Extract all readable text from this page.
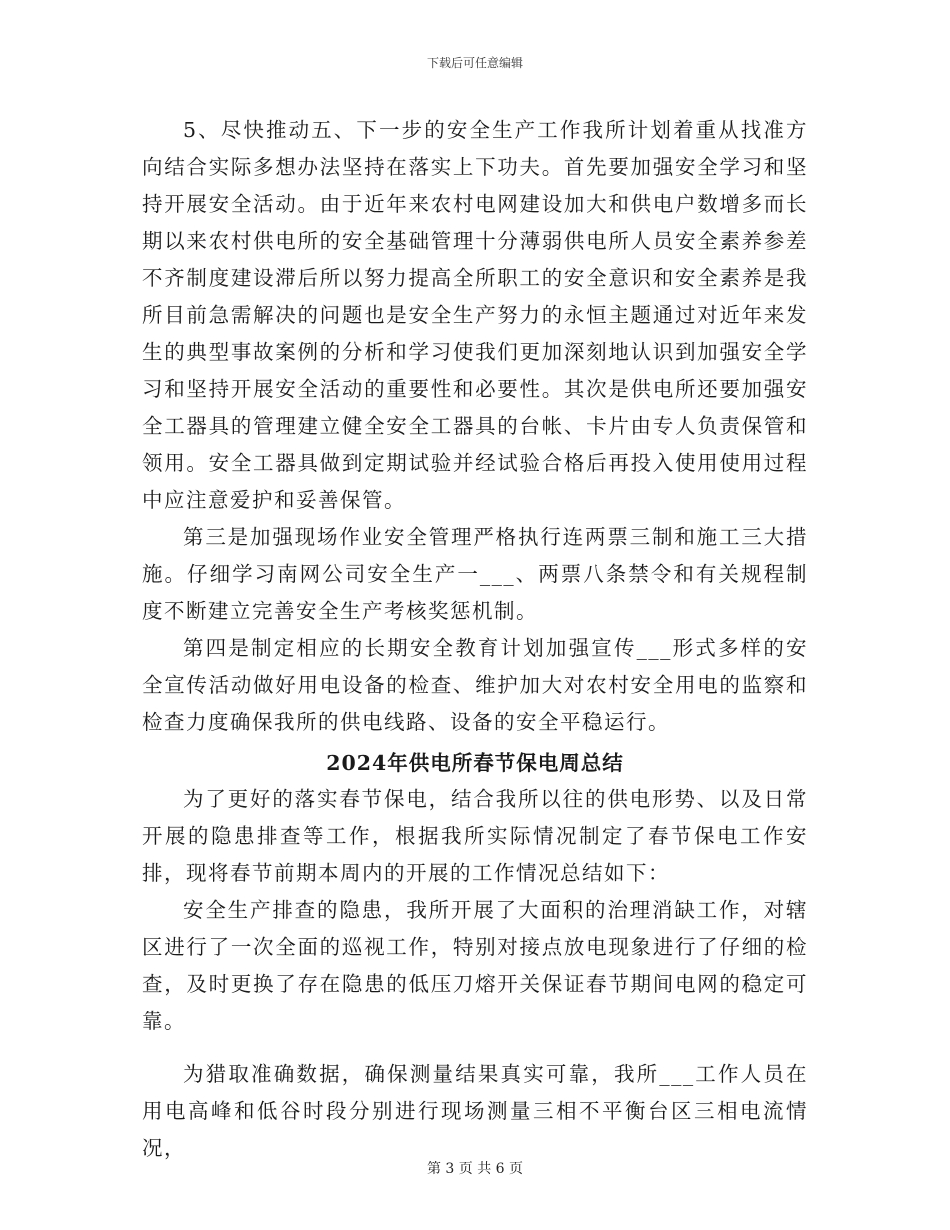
下载后可任意编辑

5、尽快推动五、下一步的安全生产工作我所计划着重从找准方向结合实际多想办法坚持在落实上下功夫。首先要加强安全学习和坚持开展安全活动。由于近年来农村电网建设加大和供电户数增多而长期以来农村供电所的安全基础管理十分薄弱供电所人员安全素养参差不齐制度建设滞后所以努力提高全所职工的安全意识和安全素养是我所目前急需解决的问题也是安全生产努力的永恒主题通过对近年来发生的典型事故案例的分析和学习使我们更加深刻地认识到加强安全学习和坚持开展安全活动的重要性和必要性。其次是供电所还要加强安全工器具的管理建立健全安全工器具的台帐、卡片由专人负责保管和领用。安全工器具做到定期试验并经试验合格后再投入使用使用过程中应注意爱护和妥善保管。

第三是加强现场作业安全管理严格执行连两票三制和施工三大措施。仔细学习南网公司安全生产一___、两票八条禁令和有关规程制度不断建立完善安全生产考核奖惩机制。

第四是制定相应的长期安全教育计划加强宣传___形式多样的安全宣传活动做好用电设备的检查、维护加大对农村安全用电的监察和检查力度确保我所的供电线路、设备的安全平稳运行。

2024年供电所春节保电周总结

为了更好的落实春节保电，结合我所以往的供电形势、以及日常开展的隐患排查等工作，根据我所实际情况制定了春节保电工作安排，现将春节前期本周内的开展的工作情况总结如下：

安全生产排查的隐患，我所开展了大面积的治理消缺工作，对辖区进行了一次全面的巡视工作，特别对接点放电现象进行了仔细的检查，及时更换了存在隐患的低压刀熔开关保证春节期间电网的稳定可靠。

为猎取准确数据，确保测量结果真实可靠，我所___工作人员在用电高峰和低谷时段分别进行现场测量三相不平衡台区三相电流情况，

第 3 页 共 6 页
